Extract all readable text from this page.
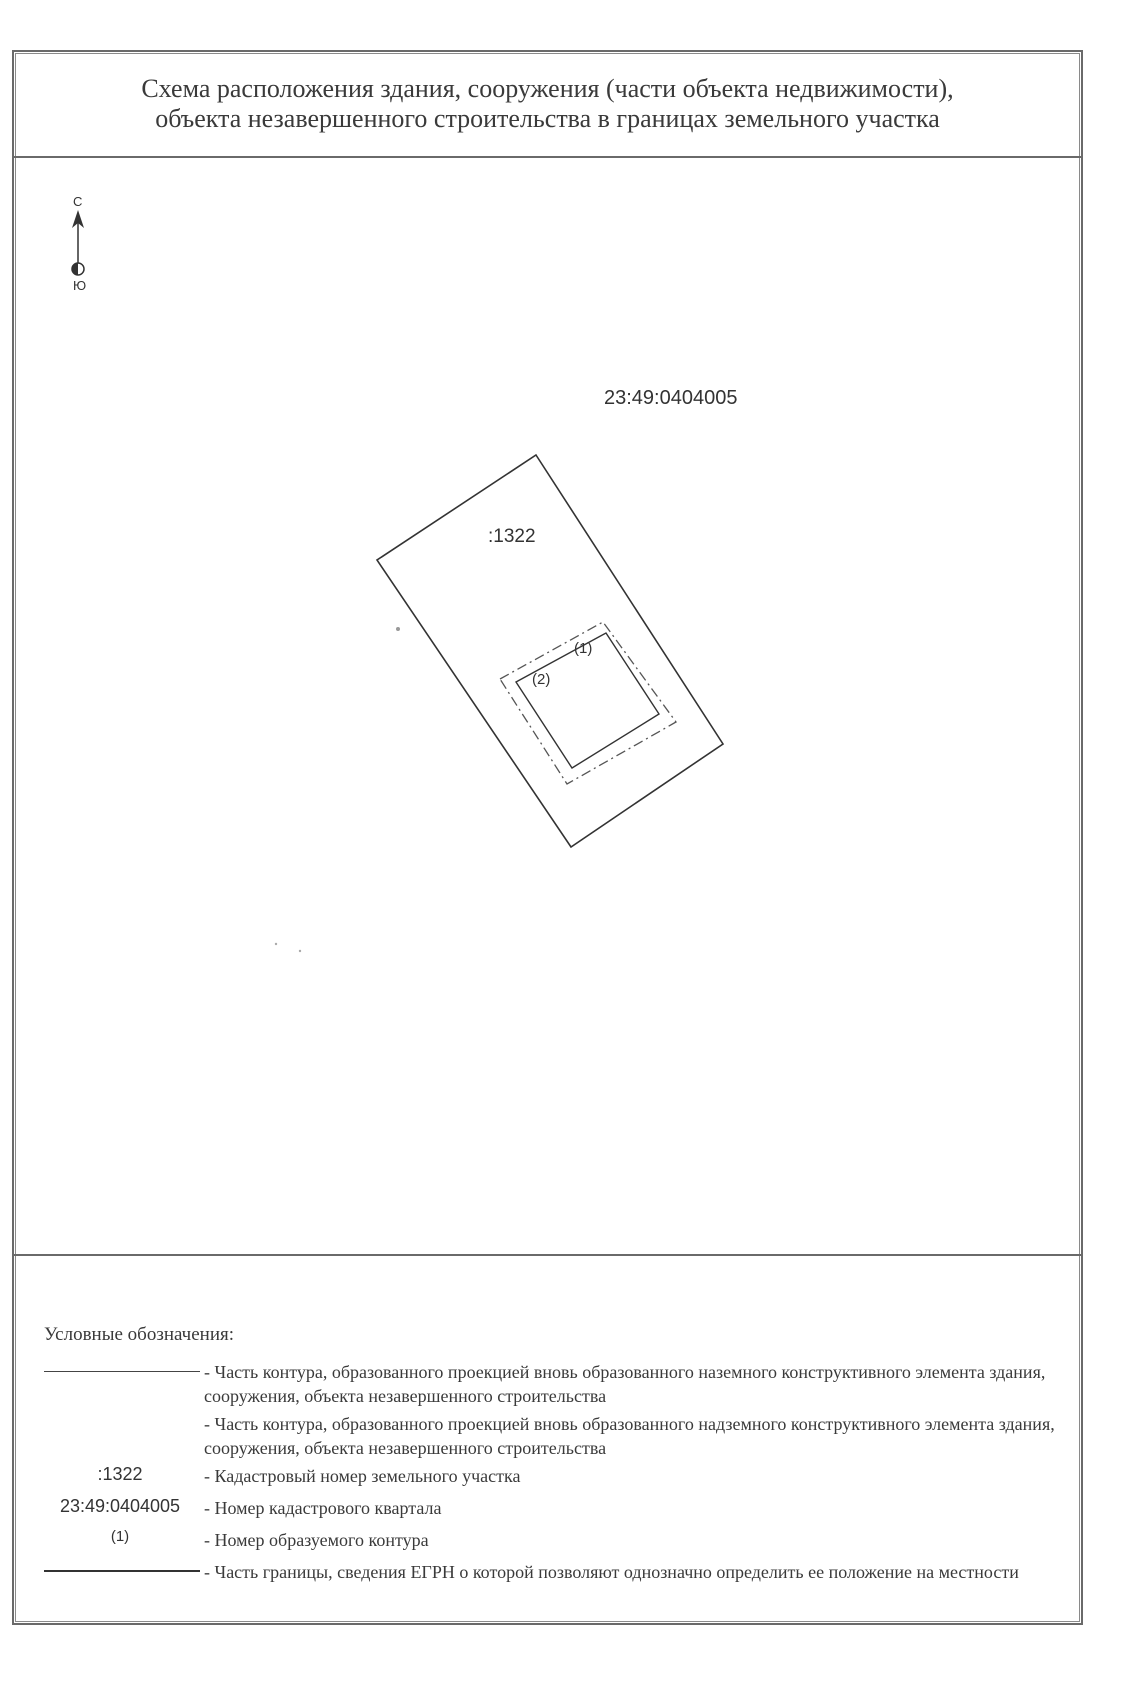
Схема расположения здания, сооружения (части объекта недвижимости),
объекта незавершенного строительства в границах земельного участка
С
Ю
23:49:0404005
:1322
(1)
(2)
Условные обозначения:
- Часть контура, образованного проекцией вновь образованного наземного конструктивного элемента здания, сооружения, объекта незавершенного строительства
- Часть контура, образованного проекцией вновь образованного надземного конструктивного элемента здания, сооружения, объекта незавершенного строительства
:1322	- Кадастровый номер земельного участка
23:49:0404005	- Номер кадастрового квартала
(1)	- Номер образуемого контура
- Часть границы, сведения ЕГРН о которой позволяют однозначно определить ее положение на местности
